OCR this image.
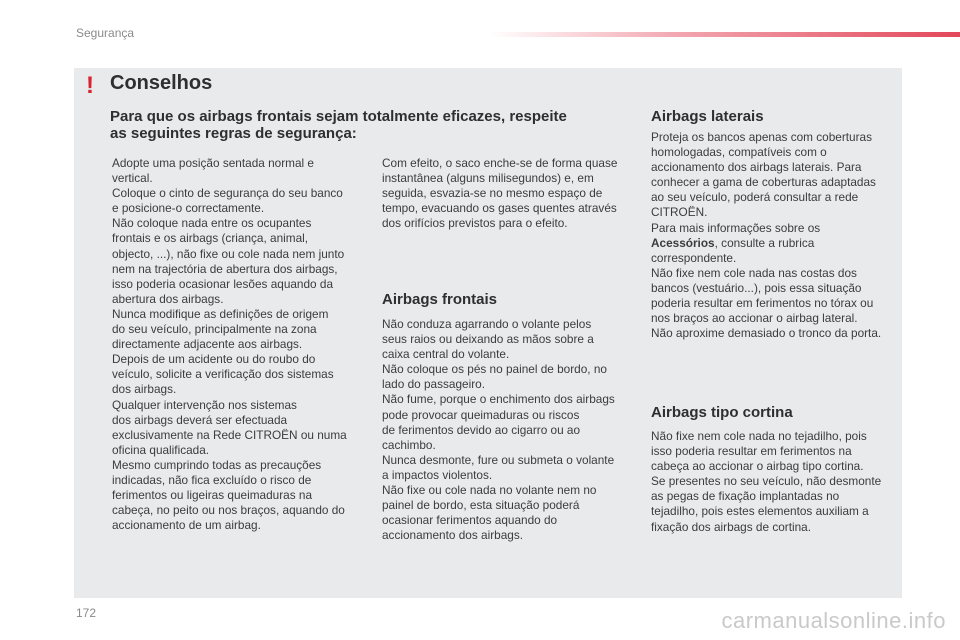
Segurança
! Conselhos
Para que os airbags frontais sejam totalmente eficazes, respeite
as seguintes regras de segurança:
Adopte uma posição sentada normal e
vertical.
Coloque o cinto de segurança do seu banco
e posicione-o correctamente.
Não coloque nada entre os ocupantes
frontais e os airbags (criança, animal,
objecto, ...), não fixe ou cole nada nem junto
nem na trajectória de abertura dos airbags,
isso poderia ocasionar lesões aquando da
abertura dos airbags.
Nunca modifique as definições de origem
do seu veículo, principalmente na zona
directamente adjacente aos airbags.
Depois de um acidente ou do roubo do
veículo, solicite a verificação dos sistemas
dos airbags.
Qualquer intervenção nos sistemas
dos airbags deverá ser efectuada
exclusivamente na Rede CITROËN ou numa
oficina qualificada.
Mesmo cumprindo todas as precauções
indicadas, não fica excluído o risco de
ferimentos ou ligeiras queimaduras na
cabeça, no peito ou nos braços, aquando do
accionamento de um airbag.
Com efeito, o saco enche-se de forma quase
instantânea (alguns milisegundos) e, em
seguida, esvazia-se no mesmo espaço de
tempo, evacuando os gases quentes através
dos orifícios previstos para o efeito.
Airbags frontais
Não conduza agarrando o volante pelos
seus raios ou deixando as mãos sobre a
caixa central do volante.
Não coloque os pés no painel de bordo, no
lado do passageiro.
Não fume, porque o enchimento dos airbags
pode provocar queimaduras ou riscos
de ferimentos devido ao cigarro ou ao
cachimbo.
Nunca desmonte, fure ou submeta o volante
a impactos violentos.
Não fixe ou cole nada no volante nem no
painel de bordo, esta situação poderá
ocasionar ferimentos aquando do
accionamento dos airbags.
Airbags laterais
Proteja os bancos apenas com coberturas
homologadas, compatíveis com o
accionamento dos airbags laterais. Para
conhecer a gama de coberturas adaptadas
ao seu veículo, poderá consultar a rede
CITROËN.
Para mais informações sobre os
Acessórios, consulte a rubrica
correspondente.
Não fixe nem cole nada nas costas dos
bancos (vestuário...), pois essa situação
poderia resultar em ferimentos no tórax ou
nos braços ao accionar o airbag lateral.
Não aproxime demasiado o tronco da porta.
Airbags tipo cortina
Não fixe nem cole nada no tejadilho, pois
isso poderia resultar em ferimentos na
cabeça ao accionar o airbag tipo cortina.
Se presentes no seu veículo, não desmonte
as pegas de fixação implantadas no
tejadilho, pois estes elementos auxiliam a
fixação dos airbags de cortina.
172	carmanualsonline.info
